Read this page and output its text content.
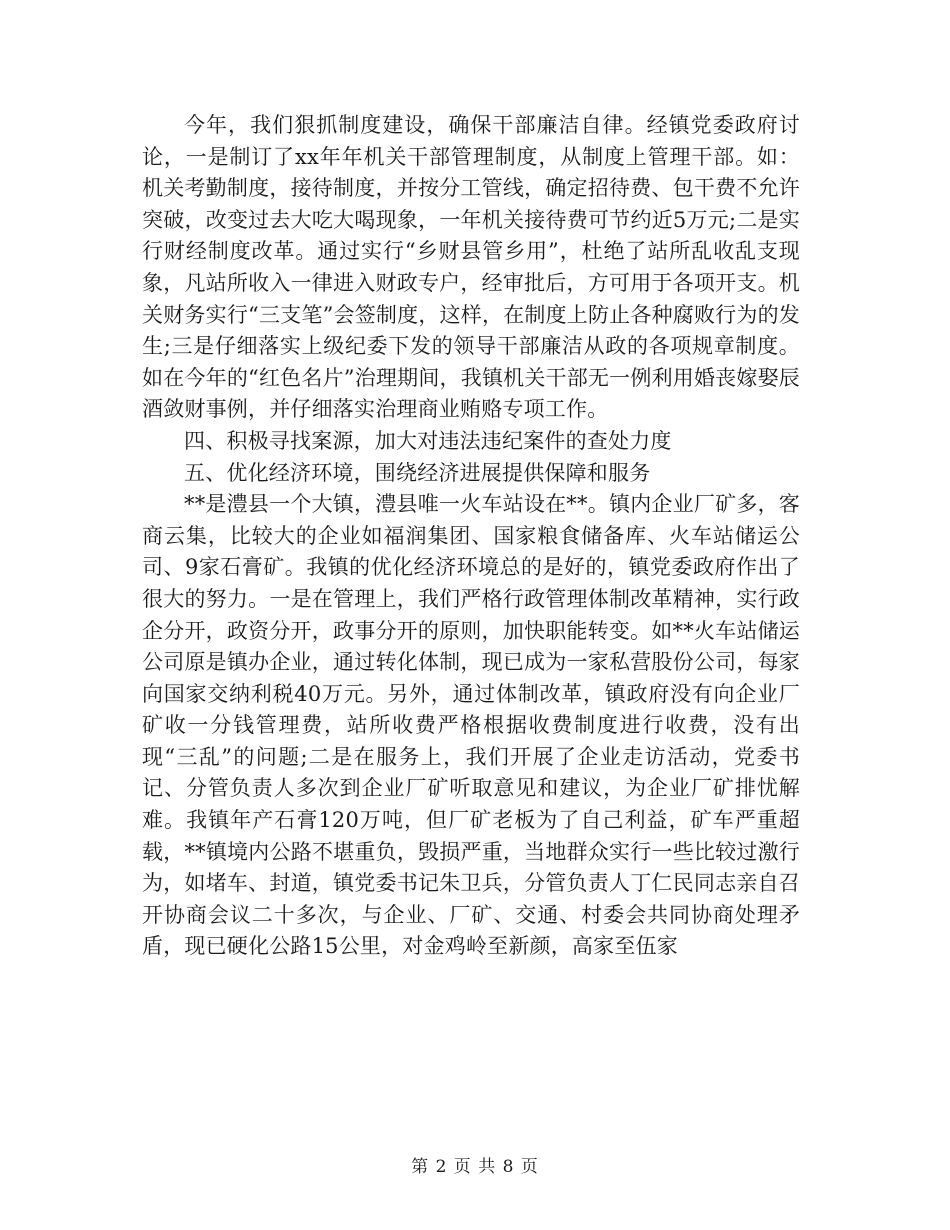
今年，我们狠抓制度建设，确保干部廉洁自律。经镇党委政府讨论，一是制订了xx年年机关干部管理制度，从制度上管理干部。如：机关考勤制度，接待制度，并按分工管线，确定招待费、包干费不允许突破，改变过去大吃大喝现象，一年机关接待费可节约近5万元;二是实行财经制度改革。通过实行“乡财县管乡用”，杜绝了站所乱收乱支现象，凡站所收入一律进入财政专户，经审批后，方可用于各项开支。机关财务实行“三支笔”会签制度，这样，在制度上防止各种腐败行为的发生;三是仔细落实上级纪委下发的领导干部廉洁从政的各项规章制度。如在今年的“红色名片”治理期间，我镇机关干部无一例利用婚丧嫁娶辰酒敛财事例，并仔细落实治理商业贿赂专项工作。

四、积极寻找案源，加大对违法违纪案件的查处力度

五、优化经济环境，围绕经济进展提供保障和服务

**是澧县一个大镇，澧县唯一火车站设在**。镇内企业厂矿多，客商云集，比较大的企业如福润集团、国家粮食储备库、火车站储运公司、9家石膏矿。我镇的优化经济环境总的是好的，镇党委政府作出了很大的努力。一是在管理上，我们严格行政管理体制改革精神，实行政企分开，政资分开，政事分开的原则，加快职能转变。如**火车站储运公司原是镇办企业，通过转化体制，现已成为一家私营股份公司，每家向国家交纳利税40万元。另外，通过体制改革，镇政府没有向企业厂矿收一分钱管理费，站所收费严格根据收费制度进行收费，没有出现“三乱”的问题;二是在服务上，我们开展了企业走访活动，党委书记、分管负责人多次到企业厂矿听取意见和建议，为企业厂矿排忧解难。我镇年产石膏120万吨，但厂矿老板为了自己利益，矿车严重超载，**镇境内公路不堪重负，毁损严重，当地群众实行一些比较过激行为，如堵车、封道，镇党委书记朱卫兵，分管负责人丁仁民同志亲自召开协商会议二十多次，与企业、厂矿、交通、村委会共同协商处理矛盾，现已硬化公路15公里，对金鸡岭至新颜，高家至伍家

第 2 页 共 8 页
